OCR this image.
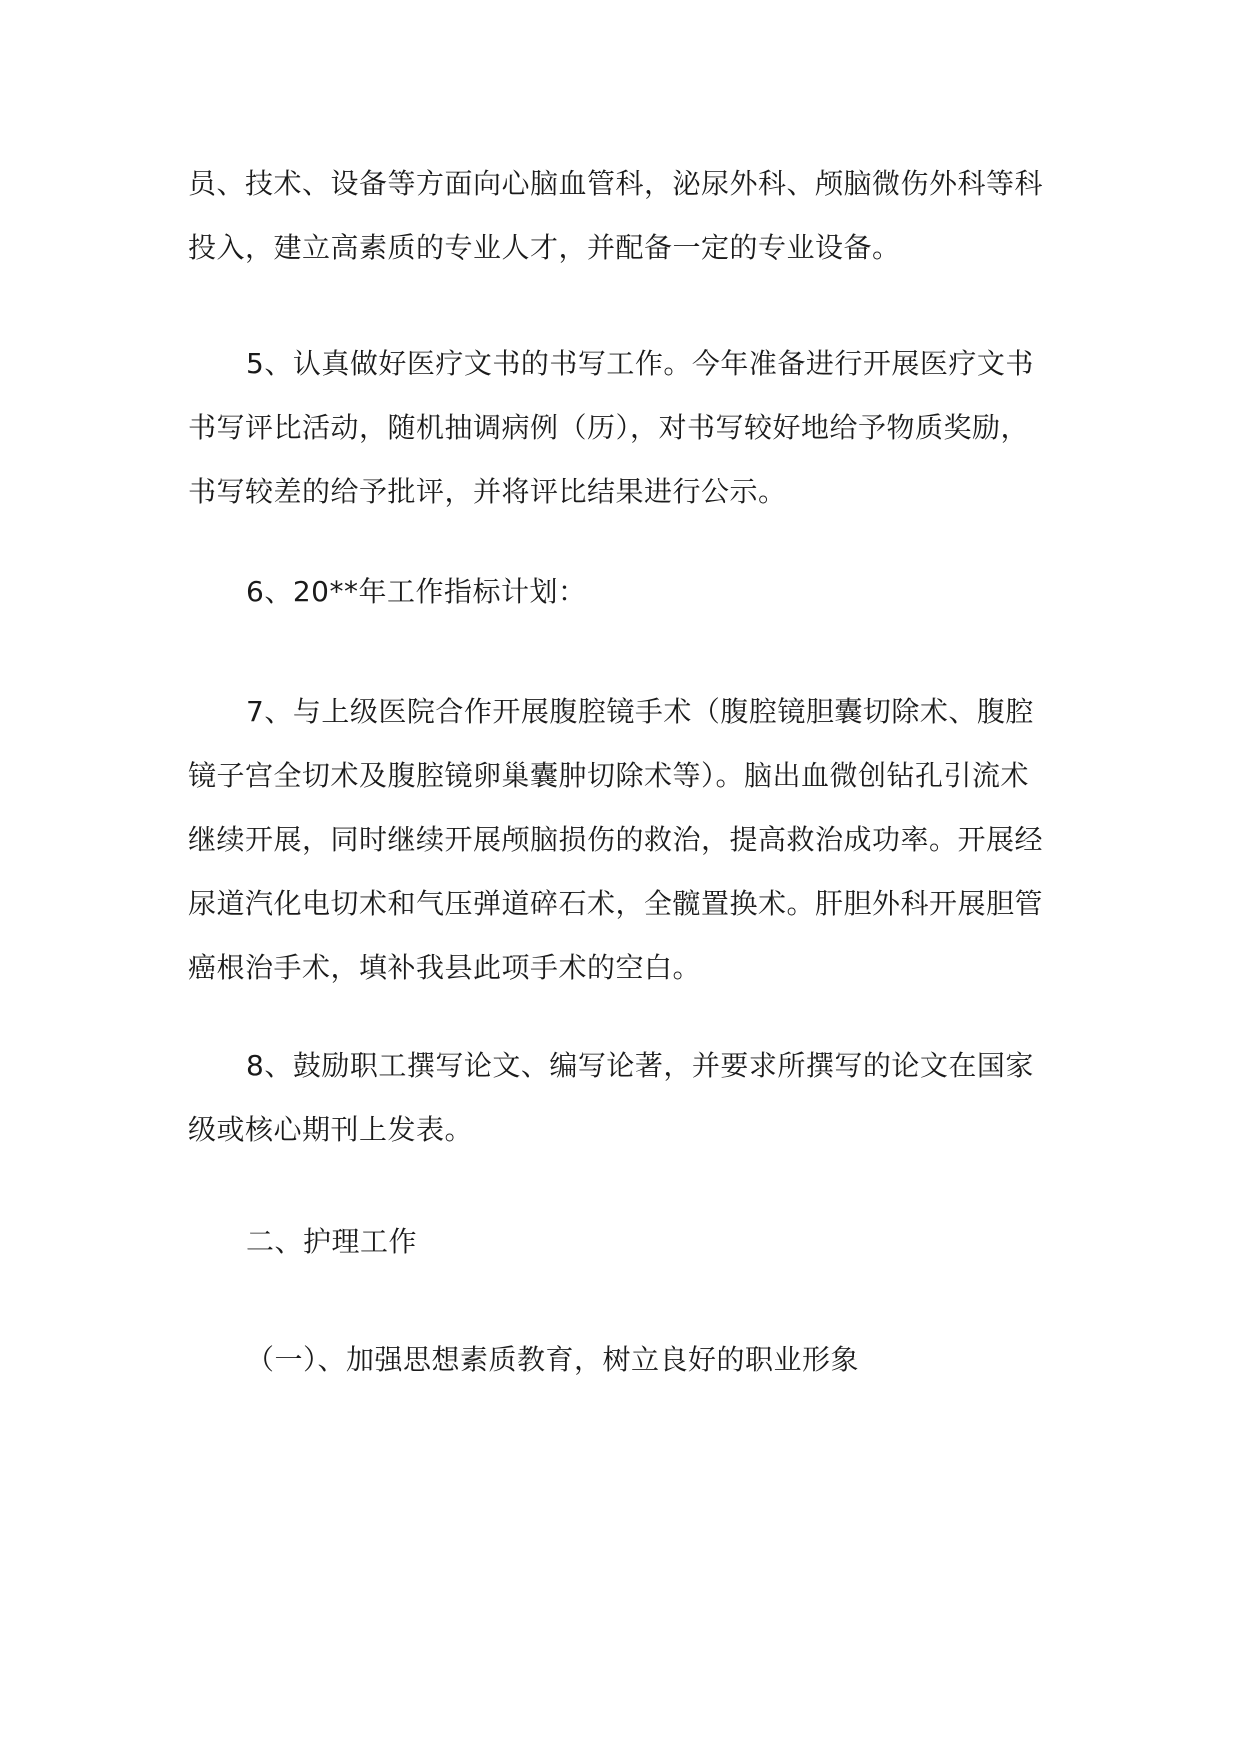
员、技术、设备等方面向心脑血管科，泌尿外科、颅脑微伤外科等科
投入，建立高素质的专业人才，并配备一定的专业设备。
5、认真做好医疗文书的书写工作。今年准备进行开展医疗文书
书写评比活动，随机抽调病例（历），对书写较好地给予物质奖励，
书写较差的给予批评，并将评比结果进行公示。
6、20**年工作指标计划：
7、与上级医院合作开展腹腔镜手术（腹腔镜胆囊切除术、腹腔
镜子宫全切术及腹腔镜卵巢囊肿切除术等）。脑出血微创钻孔引流术
继续开展，同时继续开展颅脑损伤的救治，提高救治成功率。开展经
尿道汽化电切术和气压弹道碎石术，全髋置换术。肝胆外科开展胆管
癌根治手术，填补我县此项手术的空白。
8、鼓励职工撰写论文、编写论著，并要求所撰写的论文在国家
级或核心期刊上发表。
二、护理工作
（一）、加强思想素质教育，树立良好的职业形象
